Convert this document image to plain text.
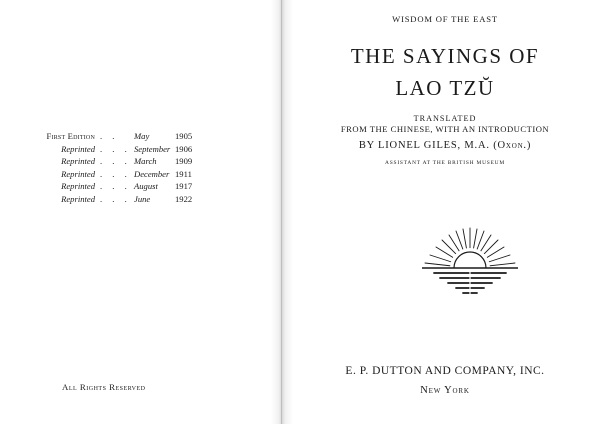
First Edition . . May	1905
Reprinted . . . September 1906
Reprinted . . . March 1909
Reprinted . . . December 1911
Reprinted . . . August 1917
Reprinted . . . June	1922
All Rights Reserved
WISDOM OF THE EAST
THE SAYINGS OF
LAO TZŬ
TRANSLATED
FROM THE CHINESE, WITH AN INTRODUCTION
BY LIONEL GILES, M.A. (Oxon.)
ASSISTANT AT THE BRITISH MUSEUM
E. P. DUTTON AND COMPANY, INC.
New York
